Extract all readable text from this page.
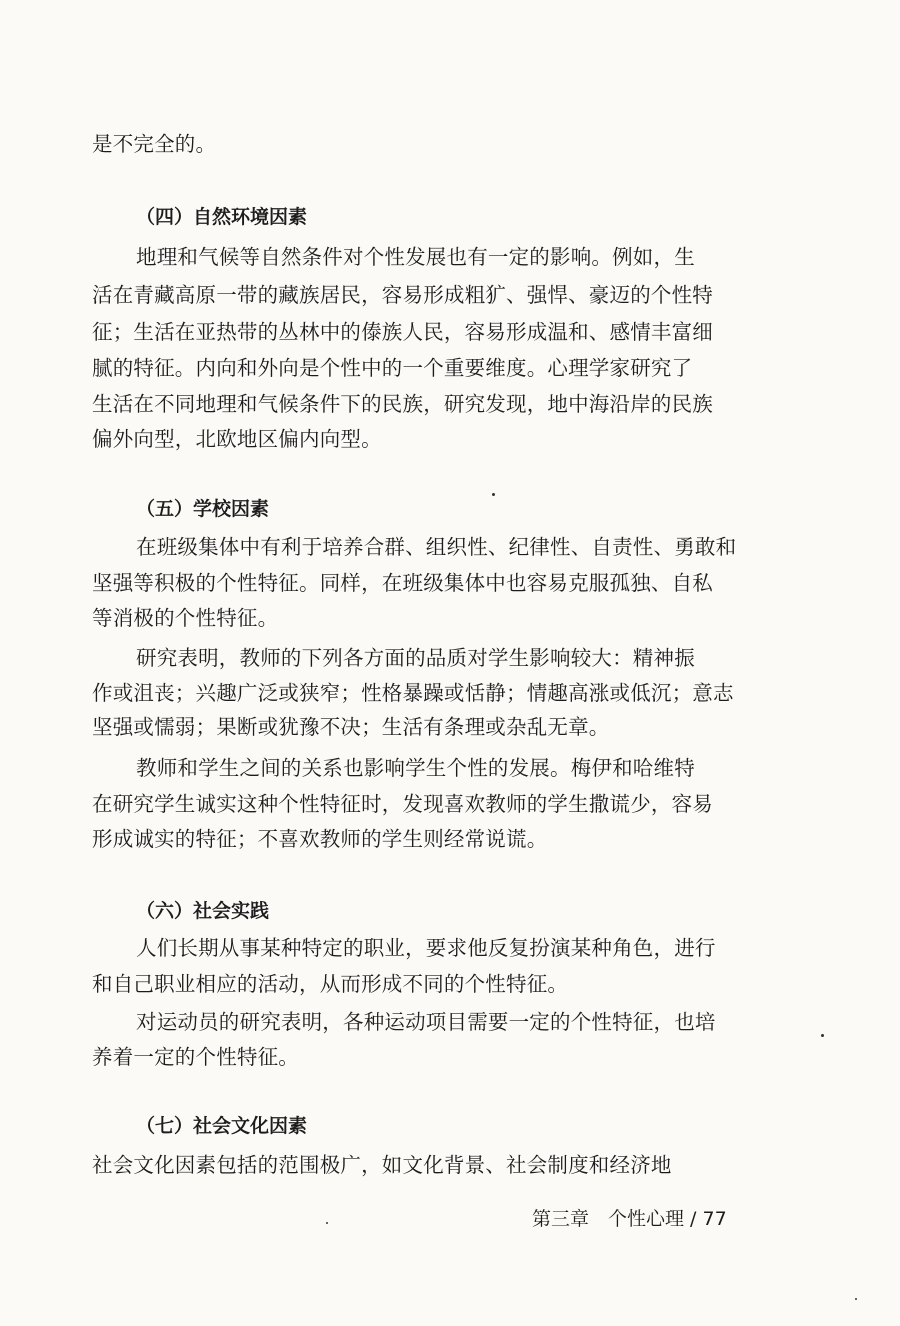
是不完全的。
（四）自然环境因素
地理和气候等自然条件对个性发展也有一定的影响。例如，生
活在青藏高原一带的藏族居民，容易形成粗犷、强悍、豪迈的个性特
征；生活在亚热带的丛林中的傣族人民，容易形成温和、感情丰富细
腻的特征。内向和外向是个性中的一个重要维度。心理学家研究了
生活在不同地理和气候条件下的民族，研究发现，地中海沿岸的民族
偏外向型，北欧地区偏内向型。
（五）学校因素
在班级集体中有利于培养合群、组织性、纪律性、自责性、勇敢和
坚强等积极的个性特征。同样，在班级集体中也容易克服孤独、自私
等消极的个性特征。
研究表明，教师的下列各方面的品质对学生影响较大：精神振
作或沮丧；兴趣广泛或狭窄；性格暴躁或恬静；情趣高涨或低沉；意志
坚强或懦弱；果断或犹豫不决；生活有条理或杂乱无章。
教师和学生之间的关系也影响学生个性的发展。梅伊和哈维特
在研究学生诚实这种个性特征时，发现喜欢教师的学生撒谎少，容易
形成诚实的特征；不喜欢教师的学生则经常说谎。
（六）社会实践
人们长期从事某种特定的职业，要求他反复扮演某种角色，进行
和自己职业相应的活动，从而形成不同的个性特征。
对运动员的研究表明，各种运动项目需要一定的个性特征，也培
养着一定的个性特征。
（七）社会文化因素
社会文化因素包括的范围极广，如文化背景、社会制度和经济地
第三章　个性心理 / 77
